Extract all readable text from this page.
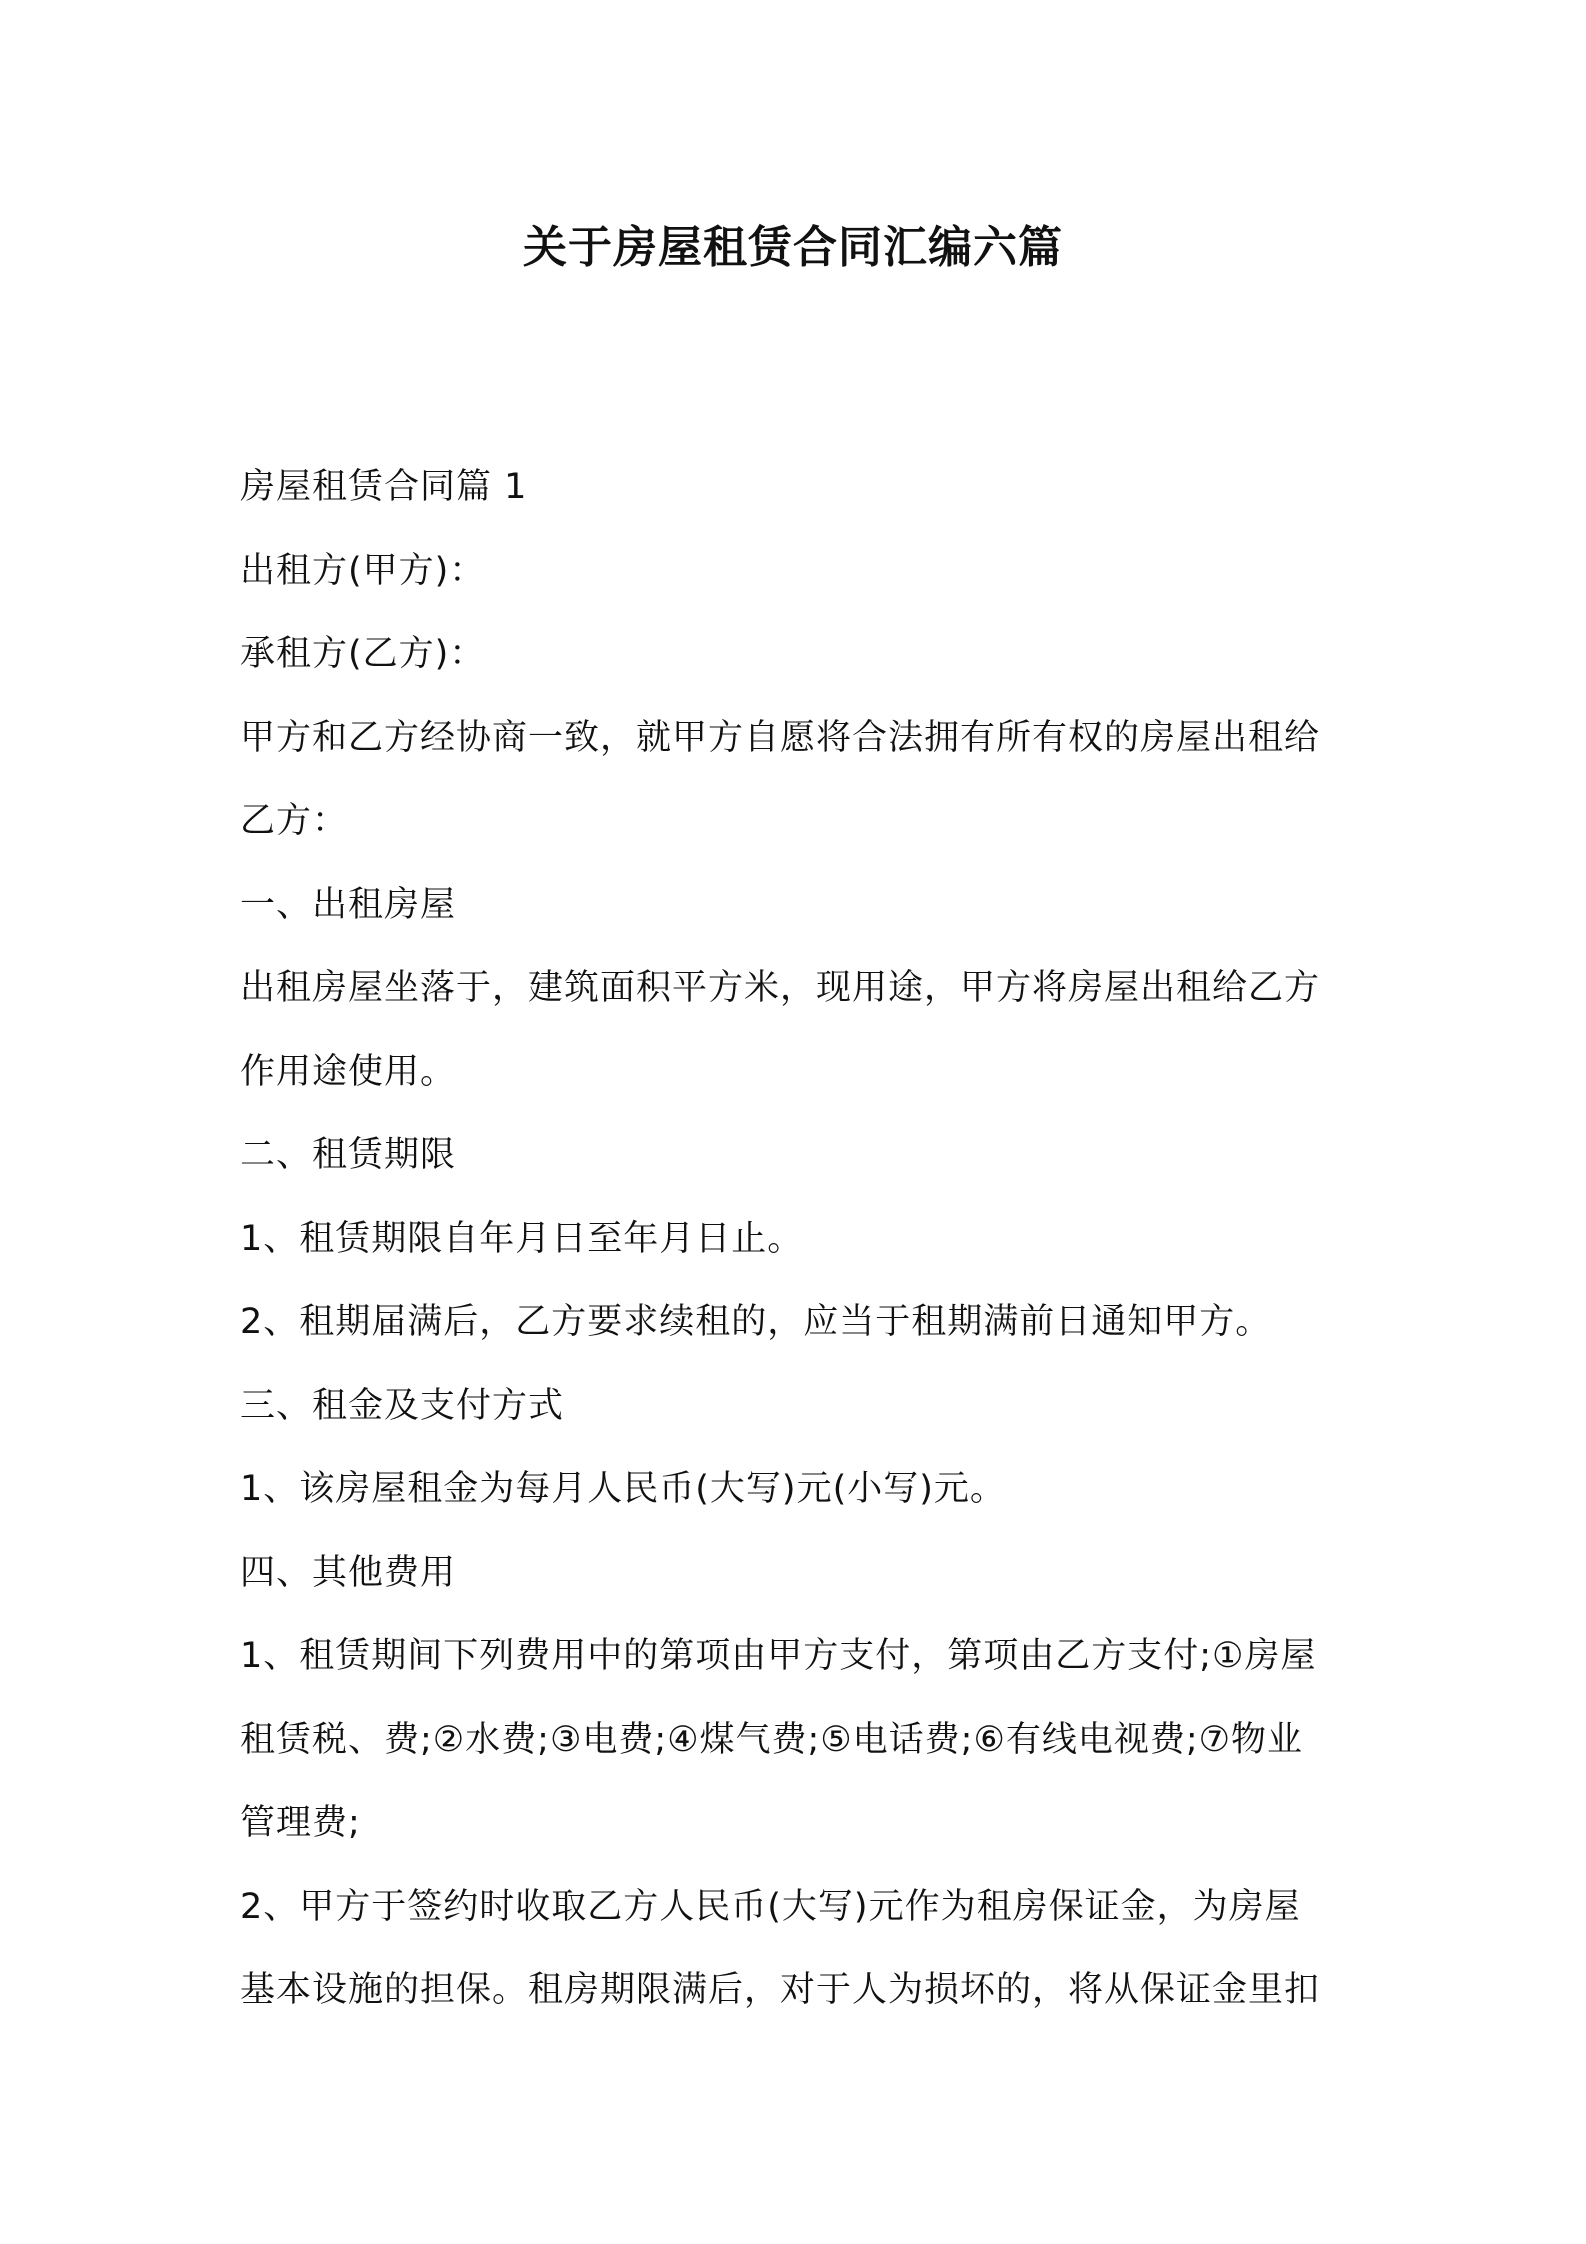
关于房屋租赁合同汇编六篇
房屋租赁合同篇 1
出租方(甲方)：
承租方(乙方)：
甲方和乙方经协商一致，就甲方自愿将合法拥有所有权的房屋出租给
乙方：
一、出租房屋
出租房屋坐落于，建筑面积平方米，现用途，甲方将房屋出租给乙方
作用途使用。
二、租赁期限
1、租赁期限自年月日至年月日止。
2、租期届满后，乙方要求续租的，应当于租期满前日通知甲方。
三、租金及支付方式
1、该房屋租金为每月人民币(大写)元(小写)元。
四、其他费用
1、租赁期间下列费用中的第项由甲方支付，第项由乙方支付;①房屋
租赁税、费;②水费;③电费;④煤气费;⑤电话费;⑥有线电视费;⑦物业
管理费;
2、甲方于签约时收取乙方人民币(大写)元作为租房保证金，为房屋
基本设施的担保。租房期限满后，对于人为损坏的，将从保证金里扣
